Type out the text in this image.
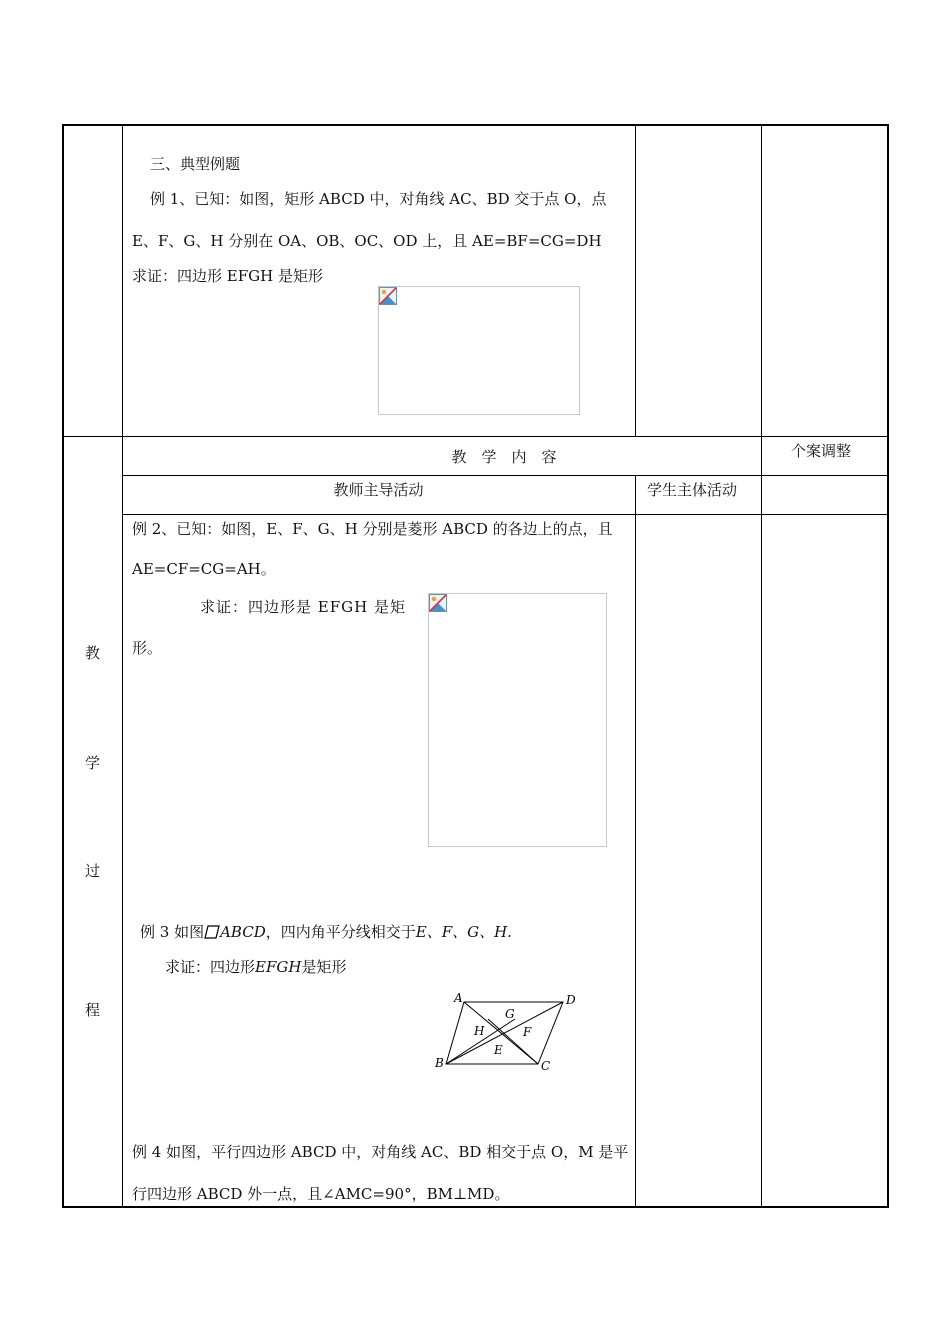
三、典型例题
例 1、已知：如图，矩形 ABCD 中，对角线 AC、BD 交于点 O，点
E、F、G、H 分别在 OA、OB、OC、OD 上，且 AE=BF=CG=DH
求证：四边形 EFGH 是矩形
教　学　内　容	个案调整
教师主导活动	学生主体活动
教
学
过
程
例 2、已知：如图，E、F、G、H 分别是菱形 ABCD 的各边上的点，且
AE=CF=CG=AH。
求证：四边形是 EFGH 是矩
形。
例 3 如图 ABCD，四内角平分线相交于E、F、G、H.
求证：四边形EFGH是矩形
A	D
B	C
G
H	F
E
例 4 如图，平行四边形 ABCD 中，对角线 AC、BD 相交于点 O，M 是平
行四边形 ABCD 外一点，且∠AMC=90°，BM⊥MD。
